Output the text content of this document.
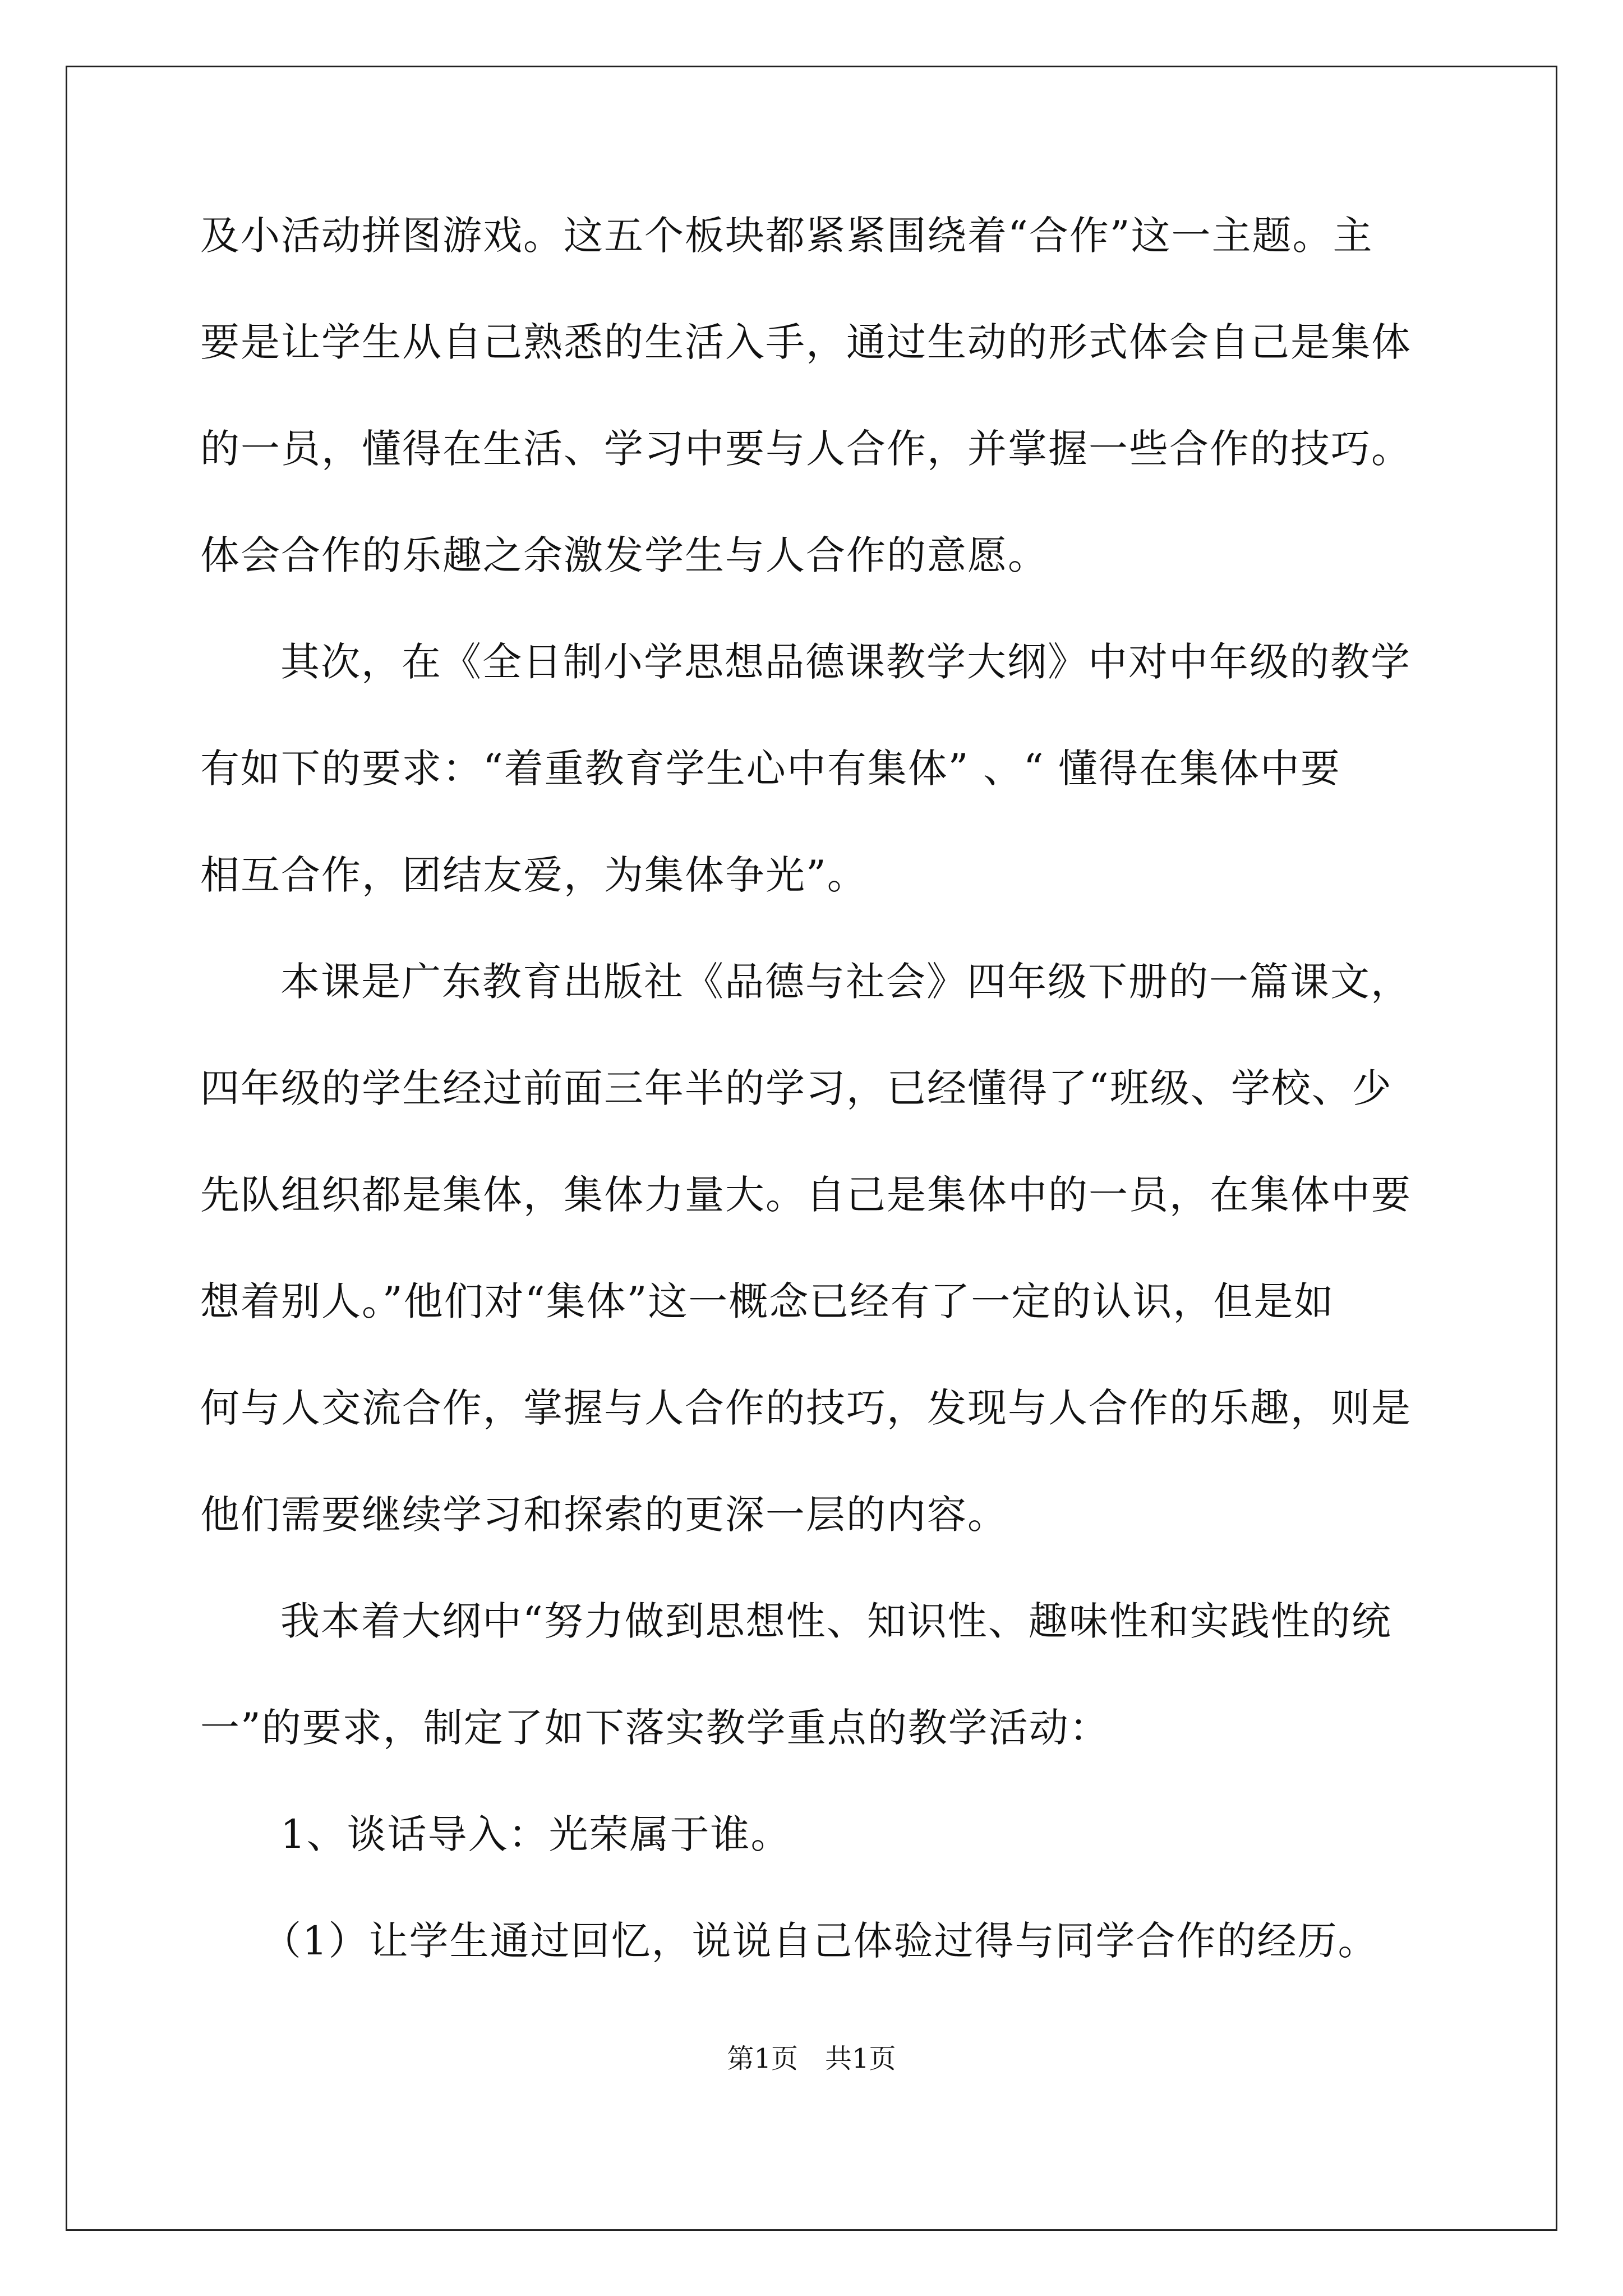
及小活动拼图游戏。这五个板块都紧紧围绕着“合作”这一主题。主
要是让学生从自己熟悉的生活入手，通过生动的形式体会自己是集体
的一员，懂得在生活、学习中要与人合作，并掌握一些合作的技巧。
体会合作的乐趣之余激发学生与人合作的意愿。
其次，在《全日制小学思想品德课教学大纲》中对中年级的教学
有如下的要求：“着重教育学生心中有集体” 、“ 懂得在集体中要
相互合作，团结友爱，为集体争光”。
本课是广东教育出版社《品德与社会》四年级下册的一篇课文，
四年级的学生经过前面三年半的学习，已经懂得了“班级、学校、少
先队组织都是集体，集体力量大。自己是集体中的一员，在集体中要
想着别人。”他们对“集体”这一概念已经有了一定的认识，但是如
何与人交流合作，掌握与人合作的技巧，发现与人合作的乐趣，则是
他们需要继续学习和探索的更深一层的内容。
我本着大纲中“努力做到思想性、知识性、趣味性和实践性的统
一”的要求，制定了如下落实教学重点的教学活动：
1、谈话导入：光荣属于谁。
（1）让学生通过回忆，说说自己体验过得与同学合作的经历。
第1页 共1页
